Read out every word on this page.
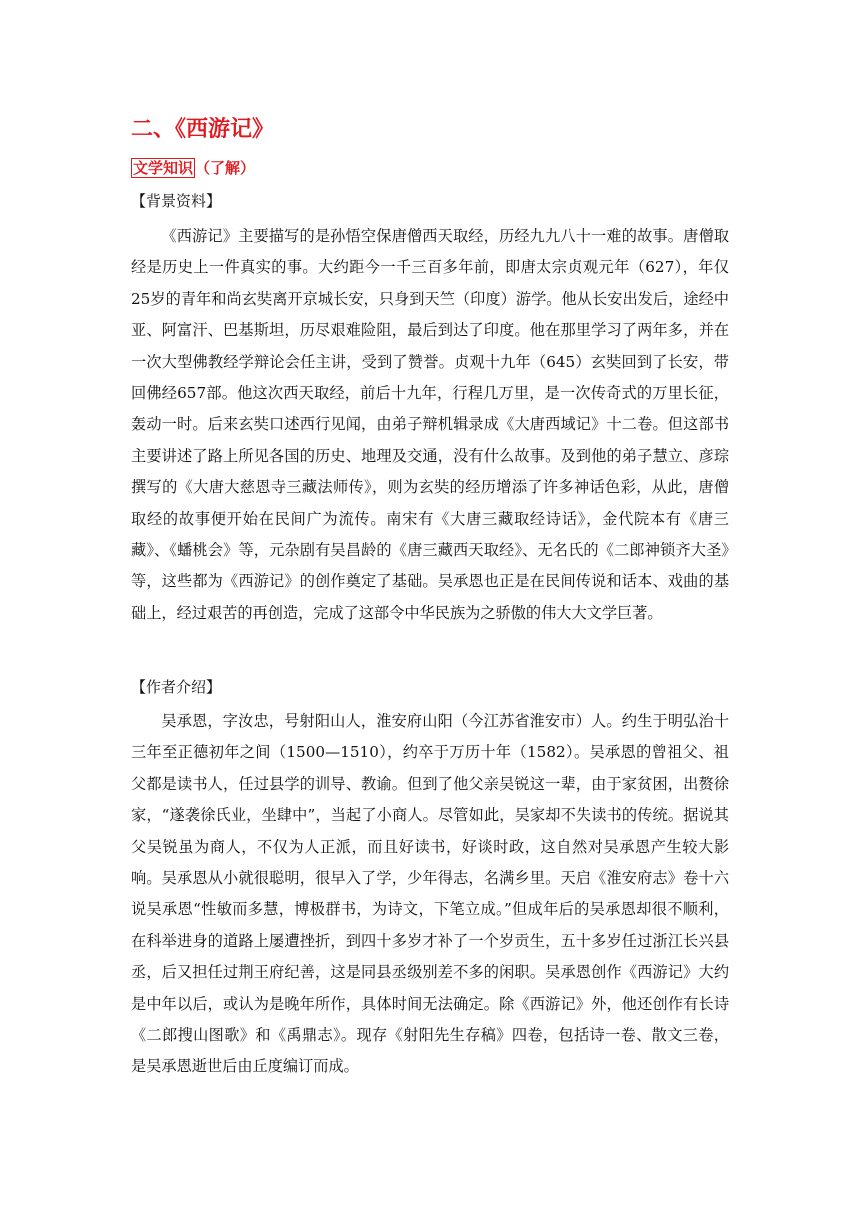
二、《西游记》
文学知识 （了解）
【背景资料】

《西游记》主要描写的是孙悟空保唐僧西天取经，历经九九八十一难的故事。唐僧取经是历史上一件真实的事。大约距今一千三百多年前，即唐太宗贞观元年（627），年仅25岁的青年和尚玄奘离开京城长安，只身到天竺（印度）游学。他从长安出发后，途经中亚、阿富汗、巴基斯坦，历尽艰难险阻，最后到达了印度。他在那里学习了两年多，并在一次大型佛教经学辩论会任主讲，受到了赞誉。贞观十九年（645）玄奘回到了长安，带回佛经657部。他这次西天取经，前后十九年，行程几万里，是一次传奇式的万里长征，轰动一时。后来玄奘口述西行见闻，由弟子辩机辑录成《大唐西域记》十二卷。但这部书主要讲述了路上所见各国的历史、地理及交通，没有什么故事。及到他的弟子慧立、彦琮撰写的《大唐大慈恩寺三藏法师传》，则为玄奘的经历增添了许多神话色彩，从此，唐僧取经的故事便开始在民间广为流传。南宋有《大唐三藏取经诗话》，金代院本有《唐三藏》、《蟠桃会》等，元杂剧有吴昌龄的《唐三藏西天取经》、无名氏的《二郎神锁齐大圣》等，这些都为《西游记》的创作奠定了基础。吴承恩也正是在民间传说和话本、戏曲的基础上，经过艰苦的再创造，完成了这部令中华民族为之骄傲的伟大大文学巨著。

【作者介绍】

吴承恩，字汝忠，号射阳山人，淮安府山阳（今江苏省淮安市）人。约生于明弘治十三年至正德初年之间（1500—1510），约卒于万历十年（1582）。吴承恩的曾祖父、祖父都是读书人，任过县学的训导、教谕。但到了他父亲吴锐这一辈，由于家贫困，出赘徐家，“遂袭徐氏业，坐肆中”，当起了小商人。尽管如此，吴家却不失读书的传统。据说其父吴锐虽为商人，不仅为人正派，而且好读书，好谈时政，这自然对吴承恩产生较大影响。吴承恩从小就很聪明，很早入了学，少年得志，名满乡里。天启《淮安府志》卷十六说吴承恩“性敏而多慧，博极群书，为诗文，下笔立成。”但成年后的吴承恩却很不顺利，在科举进身的道路上屡遭挫折，到四十多岁才补了一个岁贡生，五十多岁任过浙江长兴县丞，后又担任过荆王府纪善，这是同县丞级别差不多的闲职。吴承恩创作《西游记》大约是中年以后，或认为是晚年所作，具体时间无法确定。除《西游记》外，他还创作有长诗《二郎搜山图歌》和《禹鼎志》。现存《射阳先生存稿》四卷，包括诗一卷、散文三卷，是吴承恩逝世后由丘度编订而成。
